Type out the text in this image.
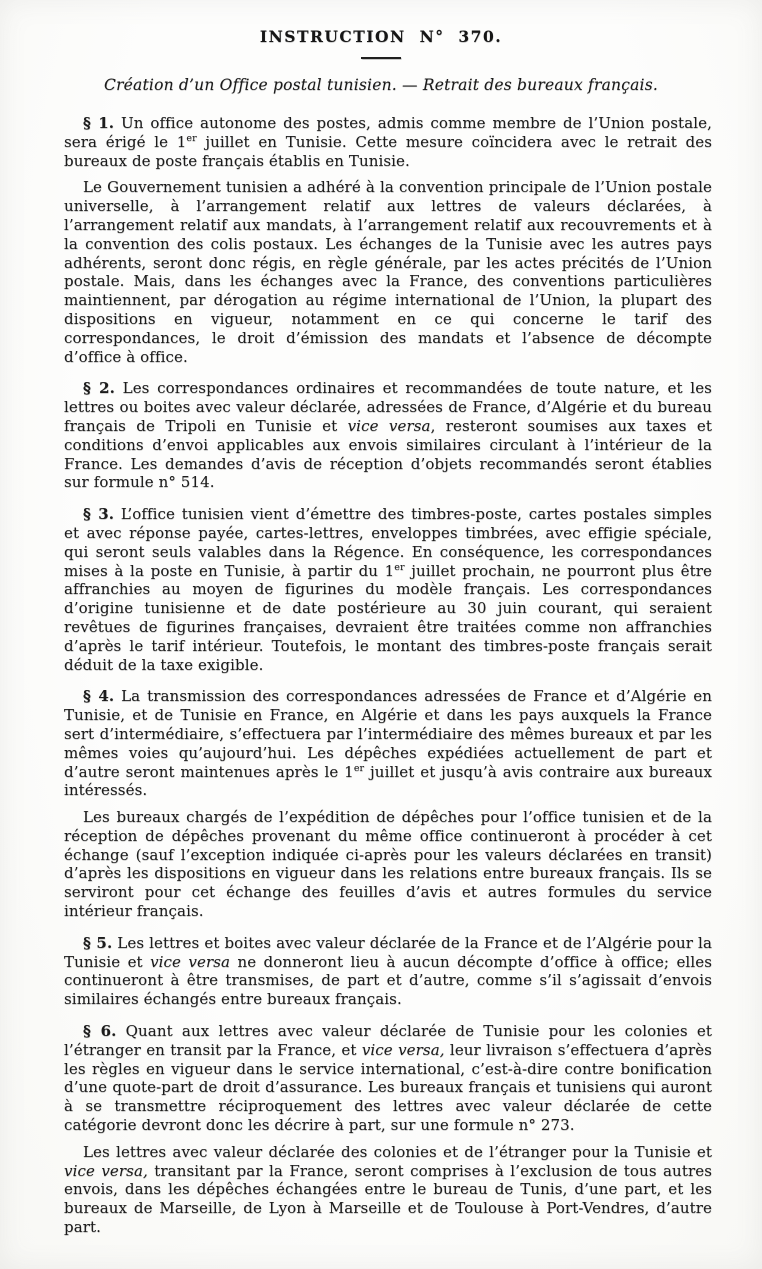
INSTRUCTION N° 370.
Création d’un Office postal tunisien. — Retrait des bureaux français.

§ 1. Un office autonome des postes, admis comme membre de l’Union postale, sera érigé le 1er juillet en Tunisie. Cette mesure coïncidera avec le retrait des bureaux de poste français établis en Tunisie.

Le Gouvernement tunisien a adhéré à la convention principale de l’Union postale universelle, à l’arrangement relatif aux lettres de valeurs déclarées, à l’arrangement relatif aux mandats, à l’arrangement relatif aux recouvrements et à la convention des colis postaux. Les échanges de la Tunisie avec les autres pays adhérents, seront donc régis, en règle générale, par les actes précités de l’Union postale. Mais, dans les échanges avec la France, des conventions particulières maintiennent, par dérogation au régime international de l’Union, la plupart des dispositions en vigueur, notamment en ce qui concerne le tarif des correspondances, le droit d’émission des mandats et l’absence de décompte d’office à office.

§ 2. Les correspondances ordinaires et recommandées de toute nature, et les lettres ou boites avec valeur déclarée, adressées de France, d’Algérie et du bureau français de Tripoli en Tunisie et vice versa, resteront soumises aux taxes et conditions d’envoi applicables aux envois similaires circulant à l’intérieur de la France. Les demandes d’avis de réception d’objets recommandés seront établies sur formule n° 514.

§ 3. L’office tunisien vient d’émettre des timbres-poste, cartes postales simples et avec réponse payée, cartes-lettres, enveloppes timbrées, avec effigie spéciale, qui seront seuls valables dans la Régence. En conséquence, les correspondances mises à la poste en Tunisie, à partir du 1er juillet prochain, ne pourront plus être affranchies au moyen de figurines du modèle français. Les correspondances d’origine tunisienne et de date postérieure au 30 juin courant, qui seraient revêtues de figurines françaises, devraient être traitées comme non affranchies d’après le tarif intérieur. Toutefois, le montant des timbres-poste français serait déduit de la taxe exigible.

§ 4. La transmission des correspondances adressées de France et d’Algérie en Tunisie, et de Tunisie en France, en Algérie et dans les pays auxquels la France sert d’intermédiaire, s’effectuera par l’intermédiaire des mêmes bureaux et par les mêmes voies qu’aujourd’hui. Les dépêches expédiées actuellement de part et d’autre seront maintenues après le 1er juillet et jusqu’à avis contraire aux bureaux intéressés.

Les bureaux chargés de l’expédition de dépêches pour l’office tunisien et de la réception de dépêches provenant du même office continueront à procéder à cet échange (sauf l’exception indiquée ci-après pour les valeurs déclarées en transit) d’après les dispositions en vigueur dans les relations entre bureaux français. Ils se serviront pour cet échange des feuilles d’avis et autres formules du service intérieur français.

§ 5. Les lettres et boites avec valeur déclarée de la France et de l’Algérie pour la Tunisie et vice versa ne donneront lieu à aucun décompte d’office à office; elles continueront à être transmises, de part et d’autre, comme s’il s’agissait d’envois similaires échangés entre bureaux français.

§ 6. Quant aux lettres avec valeur déclarée de Tunisie pour les colonies et l’étranger en transit par la France, et vice versa, leur livraison s’effectuera d’après les règles en vigueur dans le service international, c’est-à-dire contre bonification d’une quote-part de droit d’assurance. Les bureaux français et tunisiens qui auront à se transmettre réciproquement des lettres avec valeur déclarée de cette catégorie devront donc les décrire à part, sur une formule n° 273.

Les lettres avec valeur déclarée des colonies et de l’étranger pour la Tunisie et vice versa, transitant par la France, seront comprises à l’exclusion de tous autres envois, dans les dépêches échangées entre le bureau de Tunis, d’une part, et les bureaux de Marseille, de Lyon à Marseille et de Toulouse à Port-Vendres, d’autre part.
